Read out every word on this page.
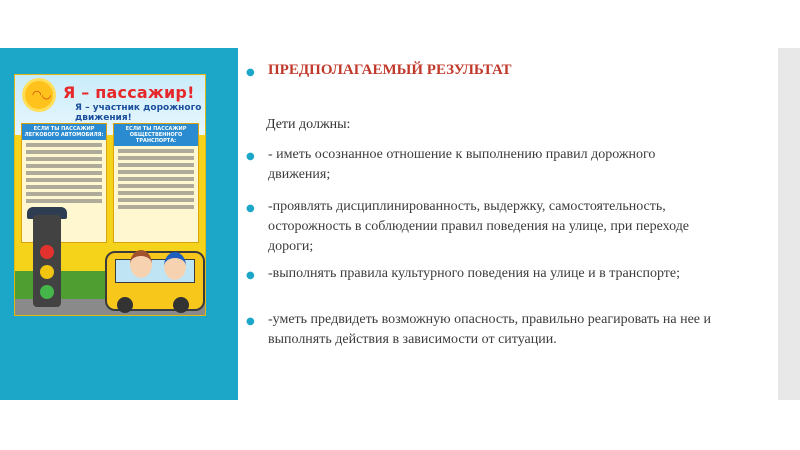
◠◡ Я – пассажир!
Я – участник дорожного движения!
ЕСЛИ ТЫ ПАССАЖИР ЛЕГКОВОГО АВТОМОБИЛЯ:
ЕСЛИ ТЫ ПАССАЖИР ОБЩЕСТВЕННОГО ТРАНСПОРТА:
● ПРЕДПОЛАГАЕМЫЙ РЕЗУЛЬТАТ
Дети должны:
● - иметь осознанное отношение к выполнению правил дорожного движения;
● -проявлять дисциплинированность, выдержку, самостоятельность, осторожность в соблюдении правил поведения на улице, при переходе дороги;
● -выполнять правила культурного поведения на улице и в транспорте;
● -уметь предвидеть возможную опасность, правильно реагировать на нее и выполнять действия в зависимости от ситуации.
